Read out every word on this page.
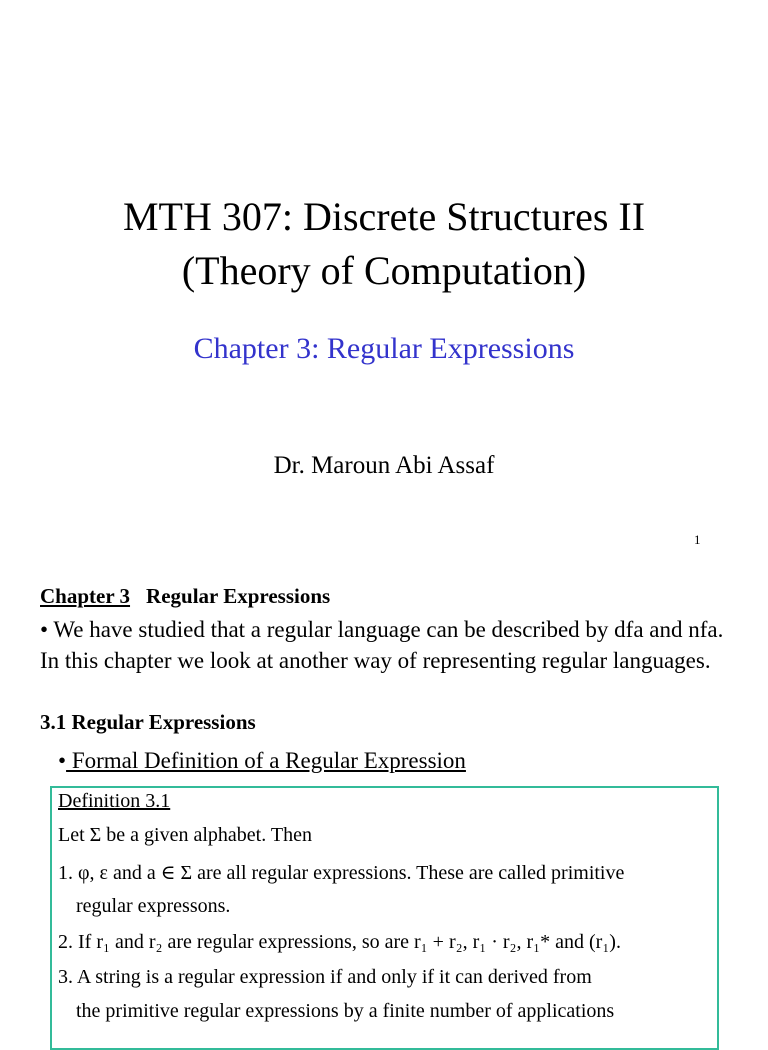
MTH 307: Discrete Structures II
(Theory of Computation)
Chapter 3: Regular Expressions
Dr. Maroun Abi Assaf
1
Chapter 3 Regular Expressions
• We have studied that a regular language can be described by dfa and nfa. In this chapter we look at another way of representing regular languages.
3.1 Regular Expressions
• Formal Definition of a Regular Expression
Definition 3.1
Let Σ be a given alphabet. Then
1. φ, ε and a ∈ Σ are all regular expressions. These are called primitive
regular expressons.
2. If r₁ and r₂ are regular expressions, so are r₁ + r₂, r₁ · r₂, r₁* and (r₁).
3. A string is a regular expression if and only if it can derived from
the primitive regular expressions by a finite number of applications
